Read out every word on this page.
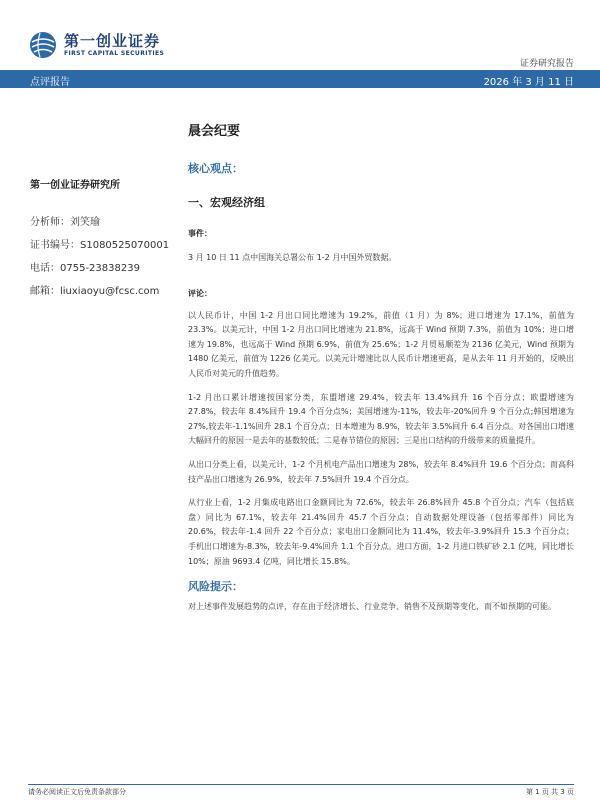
第一创业证券
FIRST CAPITAL SECURITIES
证券研究报告
点评报告	2026 年 3 月 11 日
晨会纪要
第一创业证券研究所
分析师：刘笑瑜
证书编号：S1080525070001
电话：0755-23838239
邮箱：liuxiaoyu@fcsc.com
核心观点：
一、宏观经济组
事件：
3 月 10 日 11 点中国海关总署公布 1-2 月中国外贸数据。
评论：
以人民币计，中国 1-2 月出口同比增速为 19.2%，前值（1 月）为 8%；进口增速为 17.1%，前值为 23.3%。以美元计，中国 1-2 月出口同比增速为 21.8%，远高于 Wind 预期 7.3%，前值为 10%；进口增速为 19.8%，也远高于 Wind 预期 6.9%，前值为 25.6%；1-2 月贸易顺差为 2136 亿美元，Wind 预期为 1480 亿美元，前值为 1226 亿美元。以美元计增速比以人民币计增速更高，是从去年 11 月开始的，反映出人民币对美元的升值趋势。
1-2 月出口累计增速按国家分类，东盟增速 29.4%，较去年 13.4%回升 16 个百分点；欧盟增速为 27.8%，较去年 8.4%回升 19.4 个百分点%；美国增速为-11%，较去年-20%回升 9 个百分点;韩国增速为 27%,较去年-1.1%回升 28.1 个百分点；日本增速为 8.9%，较去年 3.5%回升 6.4 百分点。对各国出口增速大幅回升的原因一是去年的基数较低；二是春节错位的原因；三是出口结构的升级带来的质量提升。
从出口分类上看，以美元计，1-2 个月机电产品出口增速为 28%，较去年 8.4%回升 19.6 个百分点；而高科技产品出口增速为 26.9%，较去年 7.5%回升 19.4 个百分点。
从行业上看，1-2 月集成电路出口金额同比为 72.6%，较去年 26.8%回升 45.8 个百分点；汽车（包括底盘）同比为 67.1%，较去年 21.4%回升 45.7 个百分点；自动数据处理设备（包括零部件）同比为 20.6%，较去年-1.4 回升 22 个百分点；家电出口金额同比为 11.4%，较去年-3.9%回升 15.3 个百分点；手机出口增速为-8.3%，较去年-9.4%回升 1.1 个百分点。进口方面，1-2 月进口铁矿砂 2.1 亿吨，同比增长 10%；原油 9693.4 亿吨，同比增长 15.8%。
风险提示：
对上述事件发展趋势的点评，存在由于经济增长、行业竞争、销售不及预期等变化，而不如预期的可能。
请务必阅读正文后免责条款部分	第 1 页 共 3 页
